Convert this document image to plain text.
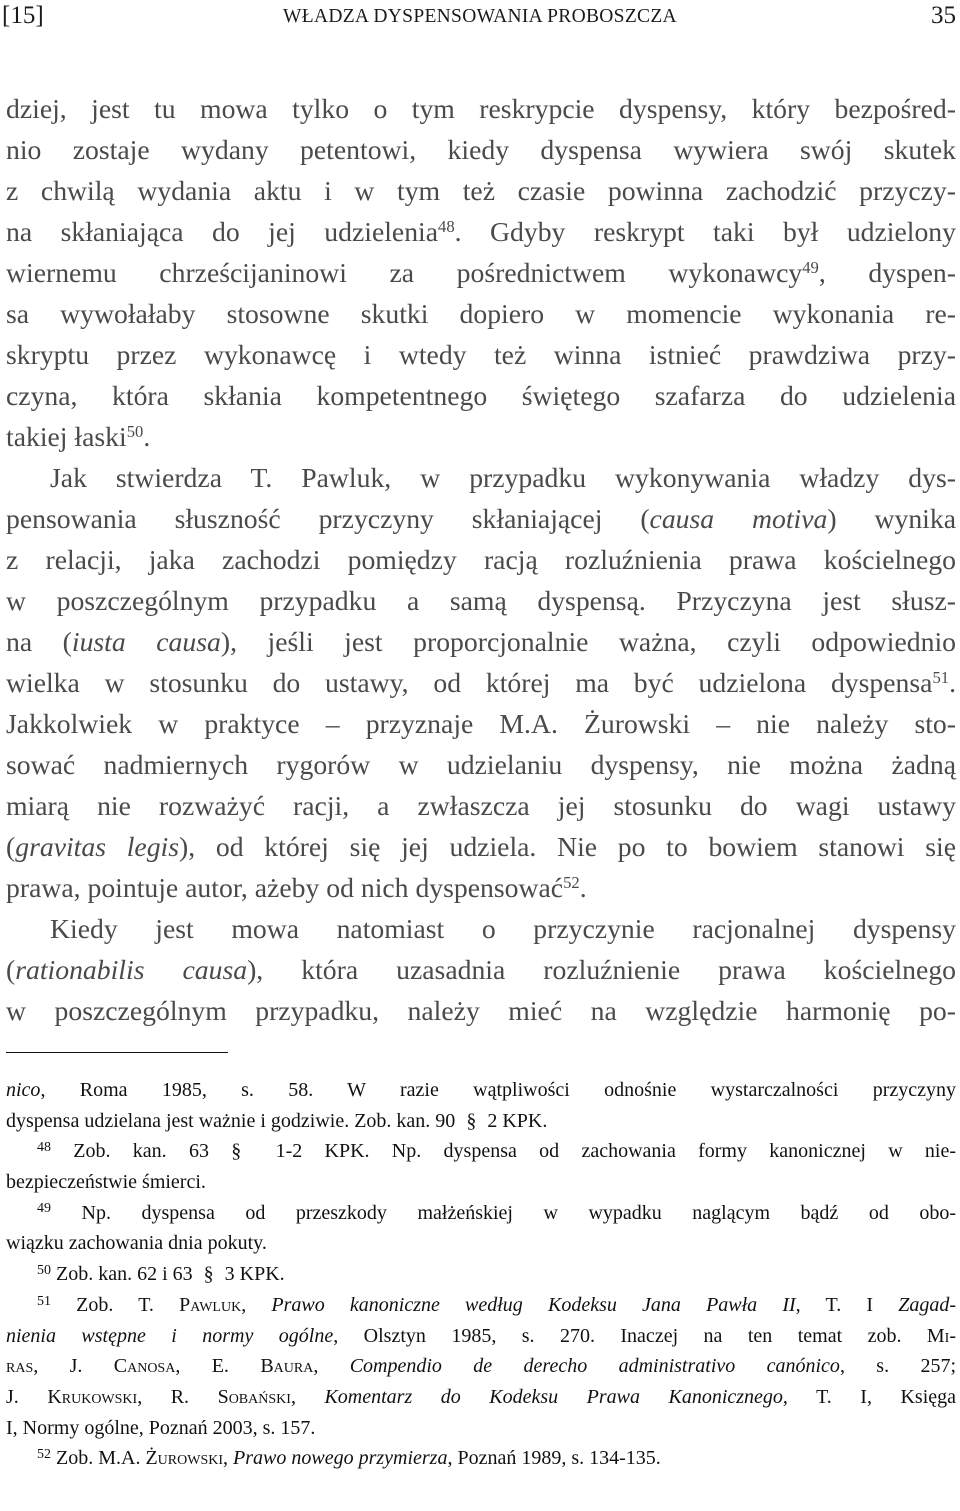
[15]	WŁADZA DYSPENSOWANIA PROBOSZCZA	35

dziej, jest tu mowa tylko o tym reskrypcie dyspensy, który bezpośred-
nio zostaje wydany petentowi, kiedy dyspensa wywiera swój skutek
z chwilą wydania aktu i w tym też czasie powinna zachodzić przyczy-
na skłaniająca do jej udzielenia$^{48}$. Gdyby reskrypt taki był udzielony
wiernemu chrześcijaninowi za pośrednictwem wykonawcy$^{49}$, dyspen-
sa wywołałaby stosowne skutki dopiero w momencie wykonania re-
skryptu przez wykonawcę i wtedy też winna istnieć prawdziwa przy-
czyna, która skłania kompetentnego świętego szafarza do udzielenia
takiej łaski$^{50}$.

Jak stwierdza T. Pawluk, w przypadku wykonywania władzy dys-
pensowania słuszność przyczyny skłaniającej (causa motiva) wynika
z relacji, jaka zachodzi pomiędzy racją rozluźnienia prawa kościelnego
w poszczególnym przypadku a samą dyspensą. Przyczyna jest słusz-
na (iusta causa), jeśli jest proporcjonalnie ważna, czyli odpowiednio
wielka w stosunku do ustawy, od której ma być udzielona dyspensa$^{51}$.
Jakkolwiek w praktyce – przyznaje M.A. Żurowski – nie należy sto-
sować nadmiernych rygorów w udzielaniu dyspensy, nie można żadną
miarą nie rozważyć racji, a zwłaszcza jej stosunku do wagi ustawy
(gravitas legis), od której się jej udziela. Nie po to bowiem stanowi się
prawa, pointuje autor, ażeby od nich dyspensować$^{52}$.

Kiedy jest mowa natomiast o przyczynie racjonalnej dyspensy
(rationabilis causa), która uzasadnia rozluźnienie prawa kościelnego
w poszczególnym przypadku, należy mieć na względzie harmonię po-

nico, Roma 1985, s. 58. W razie wątpliwości odnośnie wystarczalności przyczyny
dyspensa udzielana jest ważnie i godziwie. Zob. kan. 90 § 2 KPK.

$^{48}$ Zob. kan. 63 § 1-2 KPK. Np. dyspensa od zachowania formy kanonicznej w nie-
bezpieczeństwie śmierci.

$^{49}$ Np. dyspensa od przeszkody małżeńskiej w wypadku naglącym bądź od obo-
wiązku zachowania dnia pokuty.

$^{50}$ Zob. kan. 62 i 63 § 3 KPK.

$^{51}$ Zob. T. Pawluk, Prawo kanoniczne według Kodeksu Jana Pawła II, T. I Zagad-
nienia wstępne i normy ogólne, Olsztyn 1985, s. 270. Inaczej na ten temat zob. Mi-
ras, J. Canosa, E. Baura, Compendio de derecho administrativo canónico, s. 257;
J. Krukowski, R. Sobański, Komentarz do Kodeksu Prawa Kanonicznego, T. I, Księga
I, Normy ogólne, Poznań 2003, s. 157.

$^{52}$ Zob. M.A. Żurowski, Prawo nowego przymierza, Poznań 1989, s. 134-135.
